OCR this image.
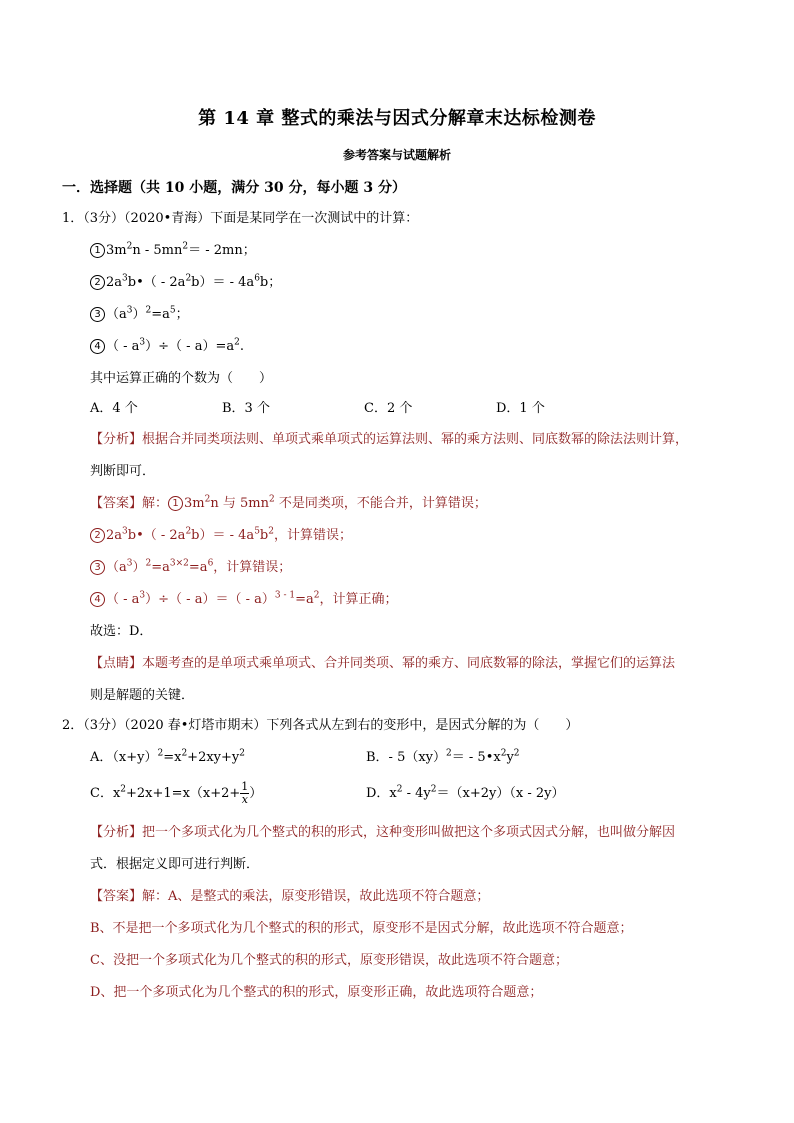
第 14 章 整式的乘法与因式分解章末达标检测卷
参考答案与试题解析
一．选择题（共 10 小题，满分 30 分，每小题 3 分）
1．（3分）（2020•青海）下面是某同学在一次测试中的计算：
1 $3m^2n - 5mn^2= - 2mn$；
2 $2a^3b•( - 2a^2b)= - 4a^6b$；
3 $(a^3)^2=a^5$；
4 （ - $a^3)\div( - a)=a^2$.
其中运算正确的个数为（　　）
A．4 个	B．3 个	C．2 个	D．1 个
【分析】根据合并同类项法则、单项式乘单项式的运算法则、幂的乘方法则、同底数幂的除法法则计算，
判断即可．
【答案】解： 1 $3m^2n$ 与 $5mn^2$ 不是同类项，不能合并，计算错误；
2 $2a^3b•( - 2a^2b)= - 4a^5b^2$，计算错误；
3 $(a^3)^2=a^{3\times 2}=a^6$，计算错误；
4 （ - $a^3)\div( - a)=( - a)^{3 - 1}=a^2$，计算正确；
故选：D．
【点睛】本题考查的是单项式乘单项式、合并同类项、幂的乘方、同底数幂的除法，掌握它们的运算法
则是解题的关键．
2．（3分）（2020 春•灯塔市期末）下列各式从左到右的变形中，是因式分解的为（　　）
A．$(x+y)^2=x^2+2xy+y^2$	B．- $5(xy)^2= - 5•x^2y^2$
C．$x^2+2x+1=x(x+2+ \frac{1}{x}$ ）	D．$x^2 - 4y^2=(x+2y)(x - 2y)$
【分析】把一个多项式化为几个整式的积的形式，这种变形叫做把这个多项式因式分解，也叫做分解因
式．根据定义即可进行判断．
【答案】解：A、是整式的乘法，原变形错误，故此选项不符合题意；
B、不是把一个多项式化为几个整式的积的形式，原变形不是因式分解，故此选项不符合题意；
C、没把一个多项式化为几个整式的积的形式，原变形错误，故此选项不符合题意；
D、把一个多项式化为几个整式的积的形式，原变形正确，故此选项符合题意；
